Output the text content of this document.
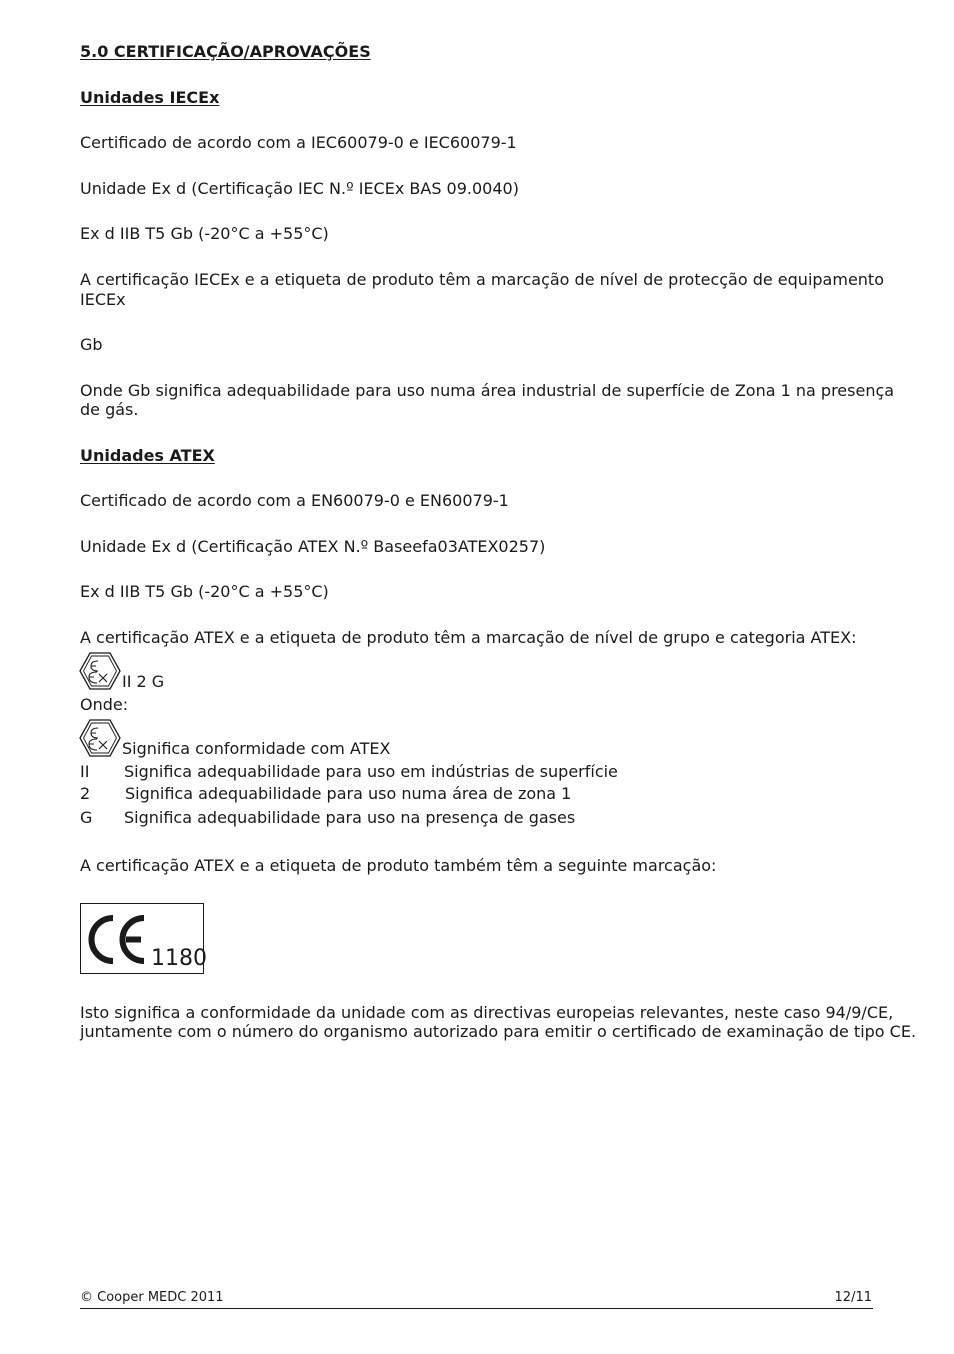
5.0 CERTIFICAÇÃO/APROVAÇÕES

Unidades IECEx

Certificado de acordo com a IEC60079-0 e IEC60079-1

Unidade Ex d (Certificação IEC N.º IECEx BAS 09.0040)

Ex d IIB T5 Gb (-20°C a +55°C)

A certificação IECEx e a etiqueta de produto têm a marcação de nível de protecção de equipamento

IECEx

Gb

Onde Gb significa adequabilidade para uso numa área industrial de superfície de Zona 1 na presença

de gás.

Unidades ATEX

Certificado de acordo com a EN60079-0 e EN60079-1

Unidade Ex d (Certificação ATEX N.º Baseefa03ATEX0257)

Ex d IIB T5 Gb (-20°C a +55°C)

A certificação ATEX e a etiqueta de produto têm a marcação de nível de grupo e categoria ATEX:

II 2 G

Onde:

Significa conformidade com ATEX

II	Significa adequabilidade para uso em indústrias de superfície
2	Significa adequabilidade para uso numa área de zona 1
G	Significa adequabilidade para uso na presença de gases

A certificação ATEX e a etiqueta de produto também têm a seguinte marcação:

1180

Isto significa a conformidade da unidade com as directivas europeias relevantes, neste caso 94/9/CE,

juntamente com o número do organismo autorizado para emitir o certificado de examinação de tipo CE.

© Cooper MEDC 2011	12/11
